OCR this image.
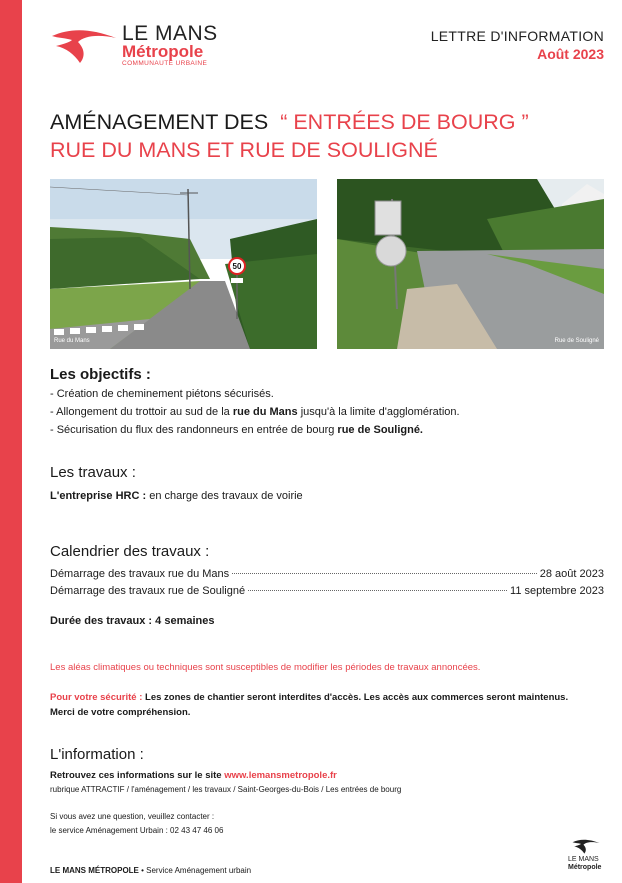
LE MANS
Métropole
COMMUNAUTÉ URBAINE
LETTRE D'INFORMATION
Août 2023
AMÉNAGEMENT DES “ ENTRÉES DE BOURG ”
RUE DU MANS ET RUE DE SOULIGNÉ
50
Rue du Mans	Rue de Souligné
Les objectifs :
- Création de cheminement piétons sécurisés.
- Allongement du trottoir au sud de la rue du Mans jusqu'à la limite d'agglomération.
- Sécurisation du flux des randonneurs en entrée de bourg rue de Souligné.
Les travaux :
L'entreprise HRC : en charge des travaux de voirie
Calendrier des travaux :
Démarrage des travaux rue du Mans	28 août 2023
Démarrage des travaux rue de Souligné	11 septembre 2023
Durée des travaux : 4 semaines
Les aléas climatiques ou techniques sont susceptibles de modifier les périodes de travaux annoncées.
Pour votre sécurité : Les zones de chantier seront interdites d'accès. Les accès aux commerces seront maintenus.
Merci de votre compréhension.
L'information :
Retrouvez ces informations sur le site www.lemansmetropole.fr
rubrique ATTRACTIF / l'aménagement / les travaux / Saint-Georges-du-Bois / Les entrées de bourg
Si vous avez une question, veuillez contacter :
le service Aménagement Urbain : 02 43 47 46 06
LE MANS MÉTROPOLE • Service Aménagement urbain
LE MANS
Métropole
